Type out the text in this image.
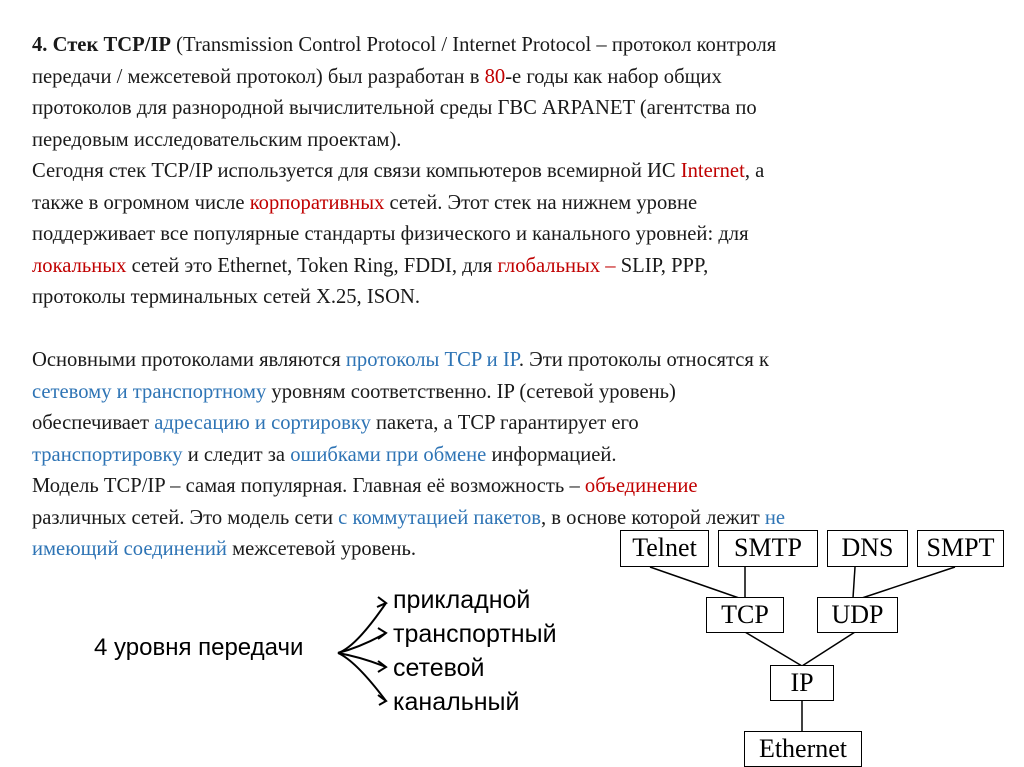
4. Стек TCP/IP (Transmission Control Protocol / Internet Protocol – протокол контроля
передачи / межсетевой протокол) был разработан в 80-е годы как набор общих
протоколов для разнородной вычислительной среды ГВС ARPANET (агентства по
передовым исследовательским проектам).
Сегодня стек TCP/IP используется для связи компьютеров всемирной ИС Internet, а
также в огромном числе корпоративных сетей. Этот стек на нижнем уровне
поддерживает все популярные стандарты физического и канального уровней: для
локальных сетей это Ethernet, Token Ring, FDDI, для глобальных – SLIP, PPP,
протоколы терминальных сетей X.25, ISON.
Основными протоколами являются протоколы TCP и IP. Эти протоколы относятся к
сетевому и транспортному уровням соответственно. IP (сетевой уровень)
обеспечивает адресацию и сортировку пакета, а TCP гарантирует его
транспортировку и следит за ошибками при обмене информацией.
Модель TCP/IP – самая популярная. Главная её возможность – объединение
различных сетей. Это модель сети с коммутацией пакетов, в основе которой лежит не
имеющий соединений межсетевой уровень.
4 уровня передачи
прикладной
транспортный
сетевой
канальный
Telnet	SMTP	DNS	SMPT
TCP	UDP
IP
Ethernet
